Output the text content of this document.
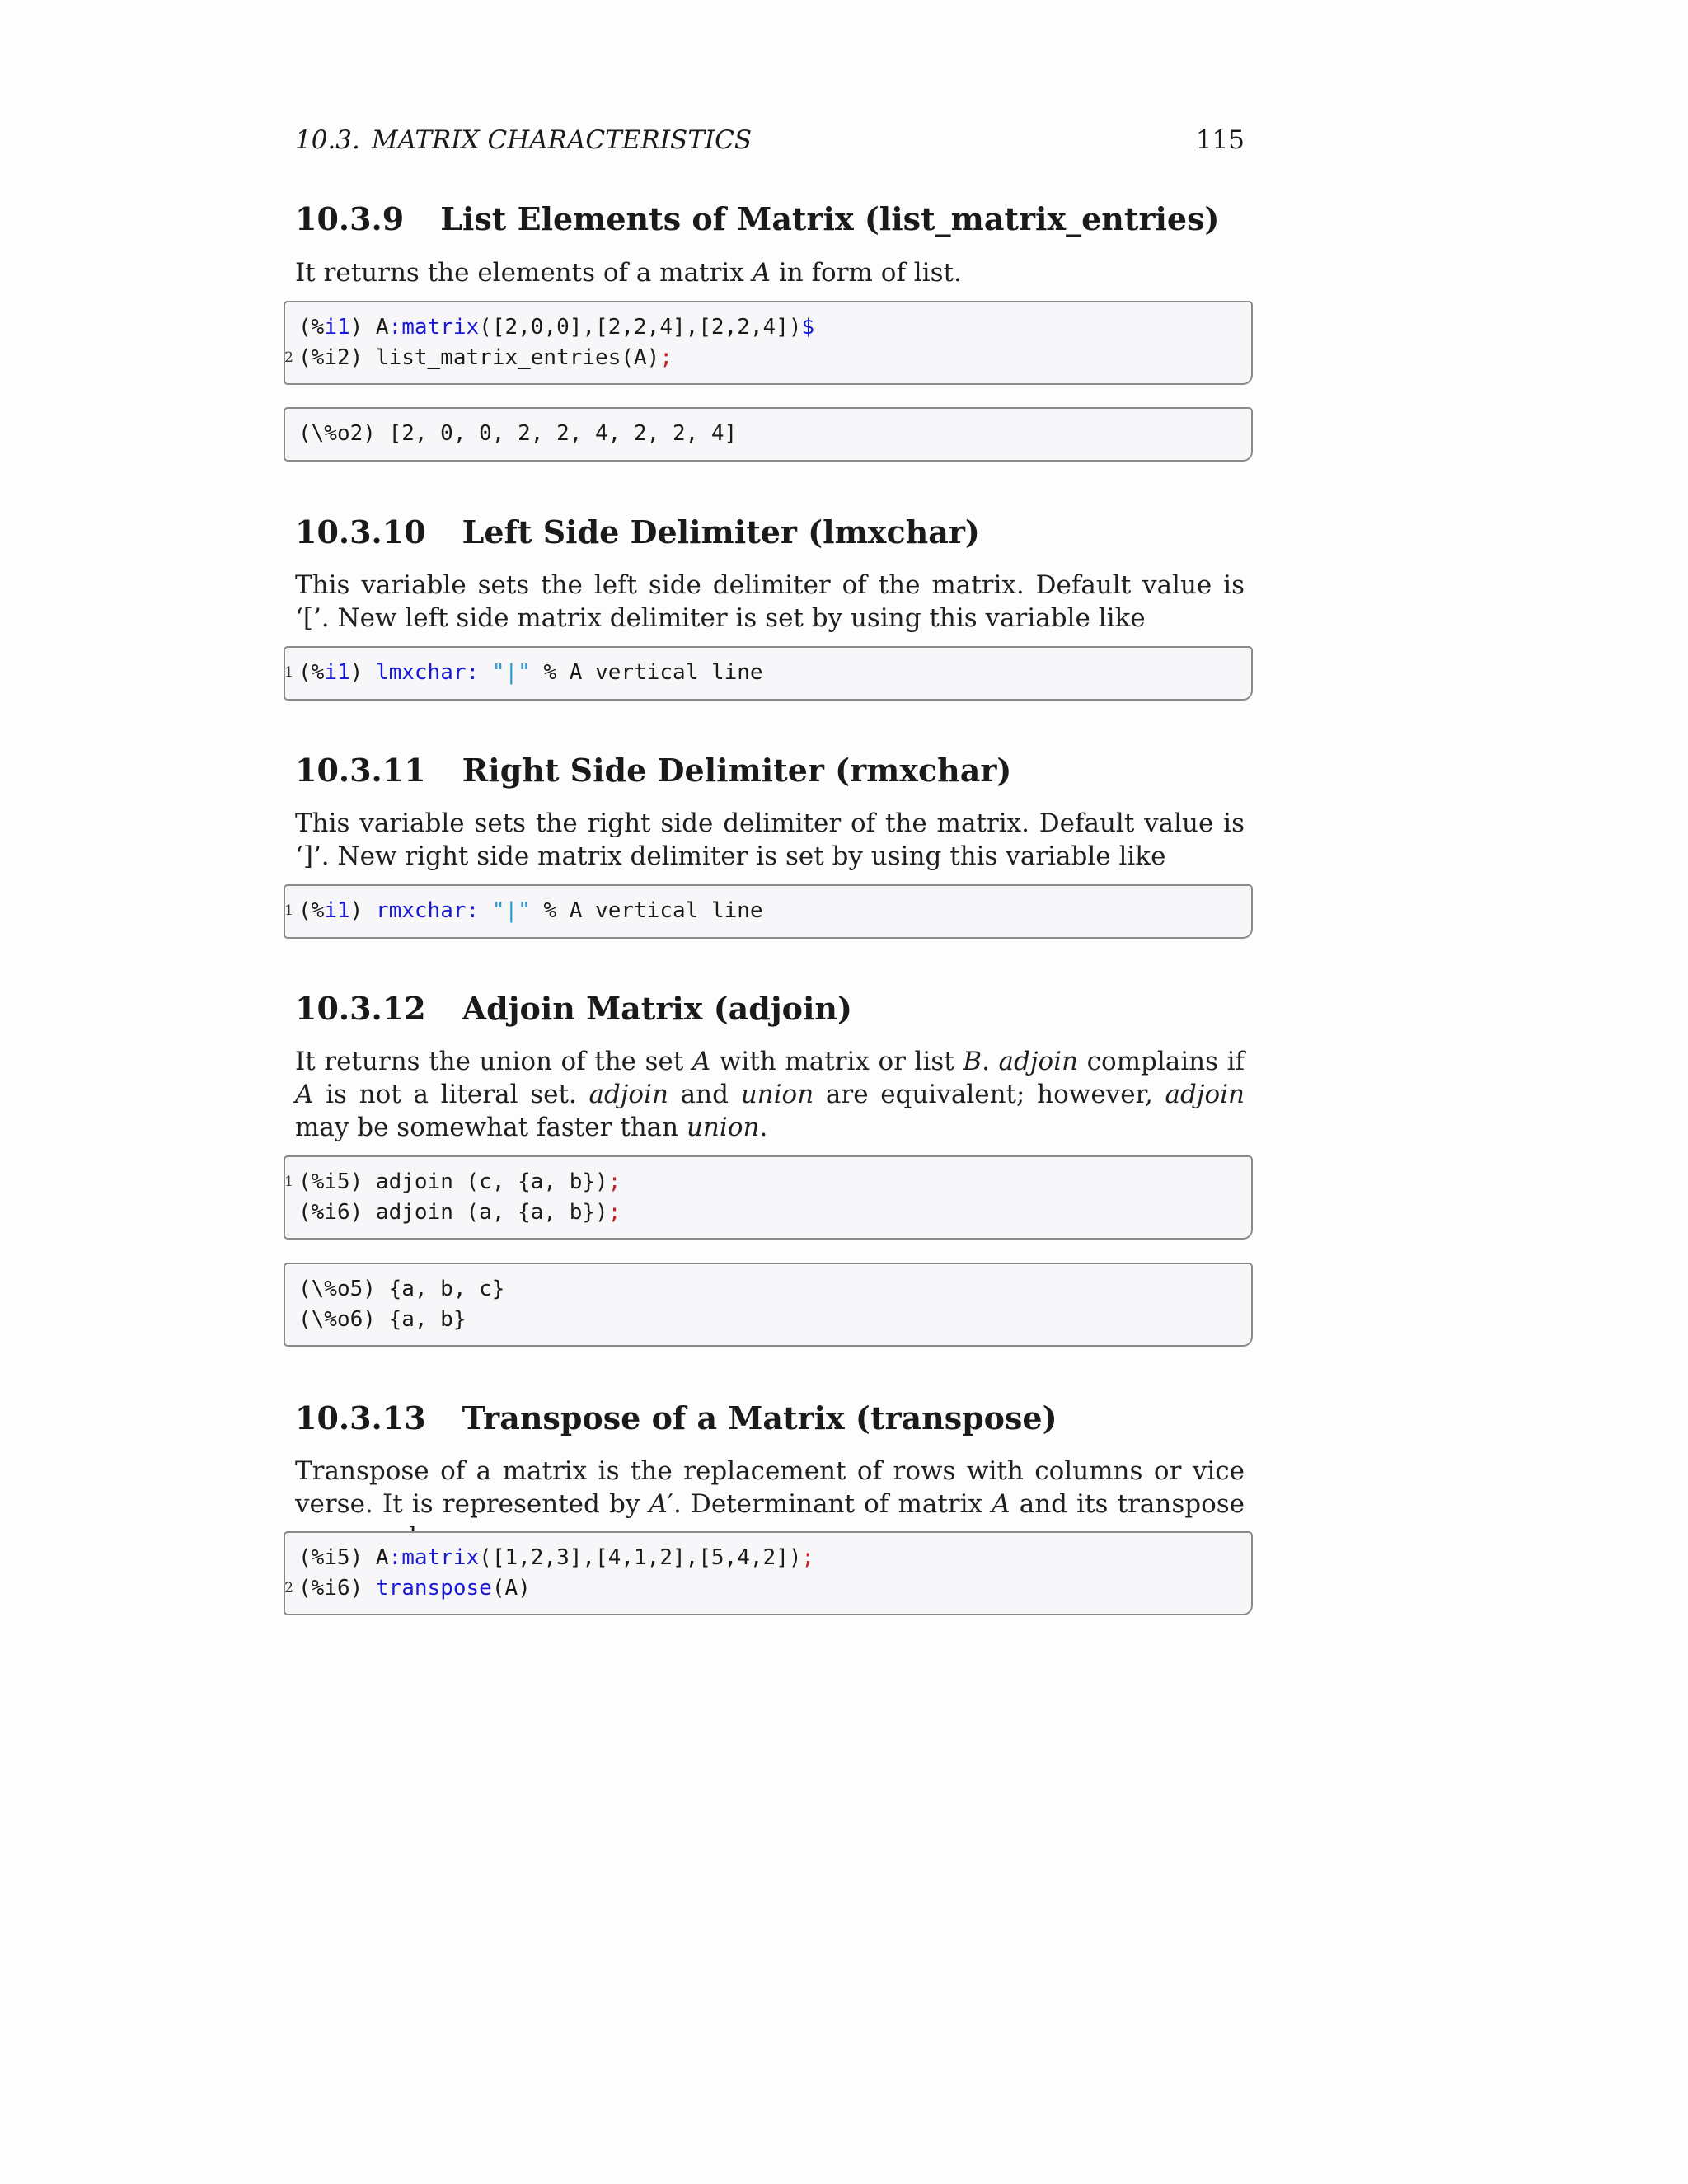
10.3. MATRIX CHARACTERISTICS	115
10.3.9 List Elements of Matrix (list_matrix_entries)

It returns the elements of a matrix A in form of list.

(%i1) A:matrix([2,0,0],[2,2,4],[2,2,4])$
2 (%i2) list_matrix_entries(A);
(\%o2) [2, 0, 0, 2, 2, 4, 2, 2, 4]
10.3.10 Left Side Delimiter (lmxchar)

This variable sets the left side delimiter of the matrix. Default value is ‘[’. New left side matrix delimiter is set by using this variable like

1 (%i1) lmxchar: "|" % A vertical line
10.3.11 Right Side Delimiter (rmxchar)

This variable sets the right side delimiter of the matrix. Default value is ‘]’. New right side matrix delimiter is set by using this variable like

1 (%i1) rmxchar: "|" % A vertical line
10.3.12 Adjoin Matrix (adjoin)

It returns the union of the set A with matrix or list B. adjoin complains if A is not a literal set. adjoin and union are equivalent; however, adjoin may be somewhat faster than union.

1 (%i5) adjoin (c, {a, b});
(%i6) adjoin (a, {a, b});
(\%o5) {a, b, c}
(\%o6) {a, b}
10.3.13 Transpose of a Matrix (transpose)

Transpose of a matrix is the replacement of rows with columns or vice verse. It is represented by A′. Determinant of matrix A and its transpose

(%i5) A:matrix([1,2,3],[4,1,2],[5,4,2]);
2 (%i6) transpose(A)
